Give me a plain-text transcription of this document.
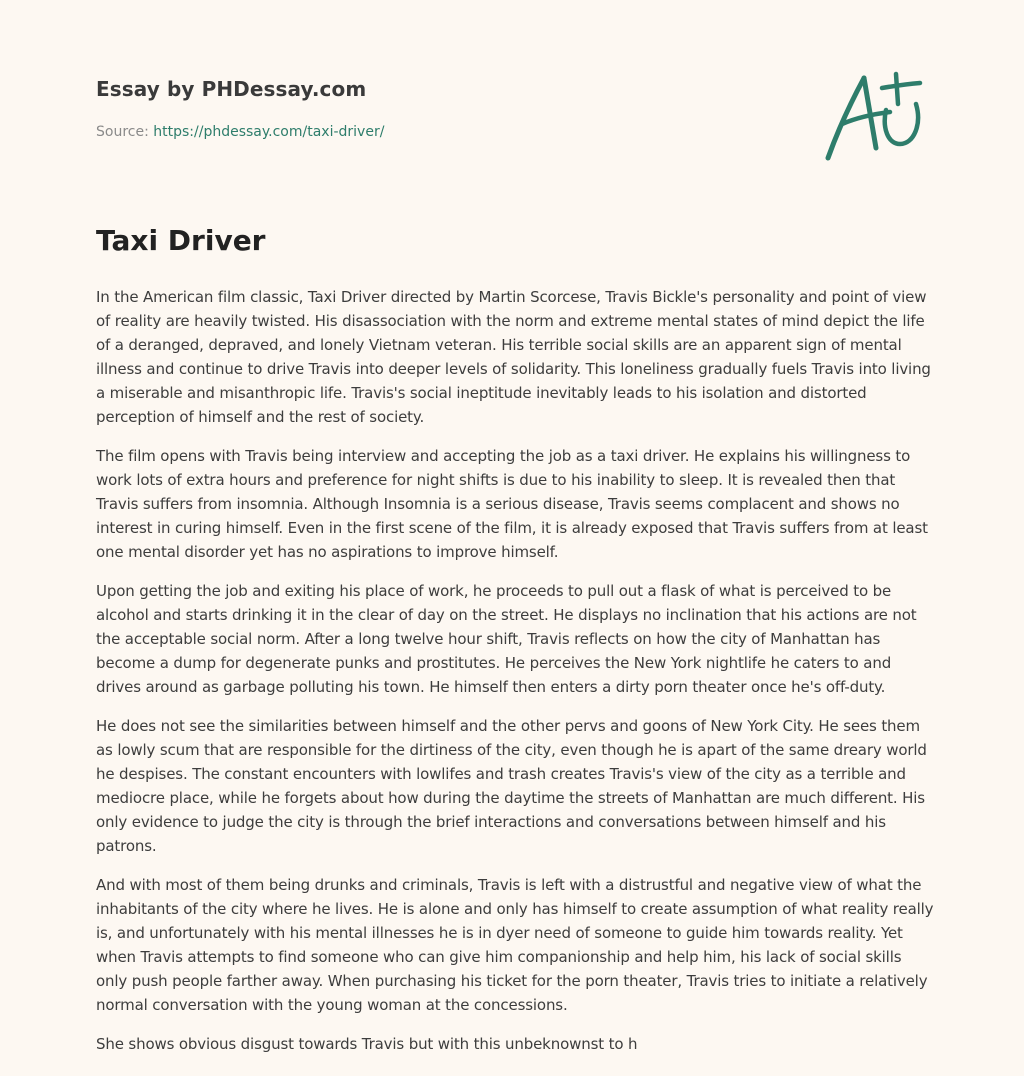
Essay by PHDessay.com
Source: https://phdessay.com/taxi-driver/
Taxi Driver

In the American film classic, Taxi Driver directed by Martin Scorcese, Travis Bickle's personality and point of view of reality are heavily twisted. His disassociation with the norm and extreme mental states of mind depict the life of a deranged, depraved, and lonely Vietnam veteran. His terrible social skills are an apparent sign of mental illness and continue to drive Travis into deeper levels of solidarity. This loneliness gradually fuels Travis into living a miserable and misanthropic life. Travis's social ineptitude inevitably leads to his isolation and distorted perception of himself and the rest of society.

The film opens with Travis being interview and accepting the job as a taxi driver. He explains his willingness to work lots of extra hours and preference for night shifts is due to his inability to sleep. It is revealed then that Travis suffers from insomnia. Although Insomnia is a serious disease, Travis seems complacent and shows no interest in curing himself. Even in the first scene of the film, it is already exposed that Travis suffers from at least one mental disorder yet has no aspirations to improve himself.

Upon getting the job and exiting his place of work, he proceeds to pull out a flask of what is perceived to be alcohol and starts drinking it in the clear of day on the street. He displays no inclination that his actions are not the acceptable social norm. After a long twelve hour shift, Travis reflects on how the city of Manhattan has become a dump for degenerate punks and prostitutes. He perceives the New York nightlife he caters to and drives around as garbage polluting his town. He himself then enters a dirty porn theater once he's off-duty.

He does not see the similarities between himself and the other pervs and goons of New York City. He sees them as lowly scum that are responsible for the dirtiness of the city, even though he is apart of the same dreary world he despises. The constant encounters with lowlifes and trash creates Travis's view of the city as a terrible and mediocre place, while he forgets about how during the daytime the streets of Manhattan are much different. His only evidence to judge the city is through the brief interactions and conversations between himself and his patrons.

And with most of them being drunks and criminals, Travis is left with a distrustful and negative view of what the inhabitants of the city where he lives. He is alone and only has himself to create assumption of what reality really is, and unfortunately with his mental illnesses he is in dyer need of someone to guide him towards reality. Yet when Travis attempts to find someone who can give him companionship and help him, his lack of social skills only push people farther away. When purchasing his ticket for the porn theater, Travis tries to initiate a relatively normal conversation with the young woman at the concessions.

She shows obvious disgust towards Travis but with this unbeknownst to h
